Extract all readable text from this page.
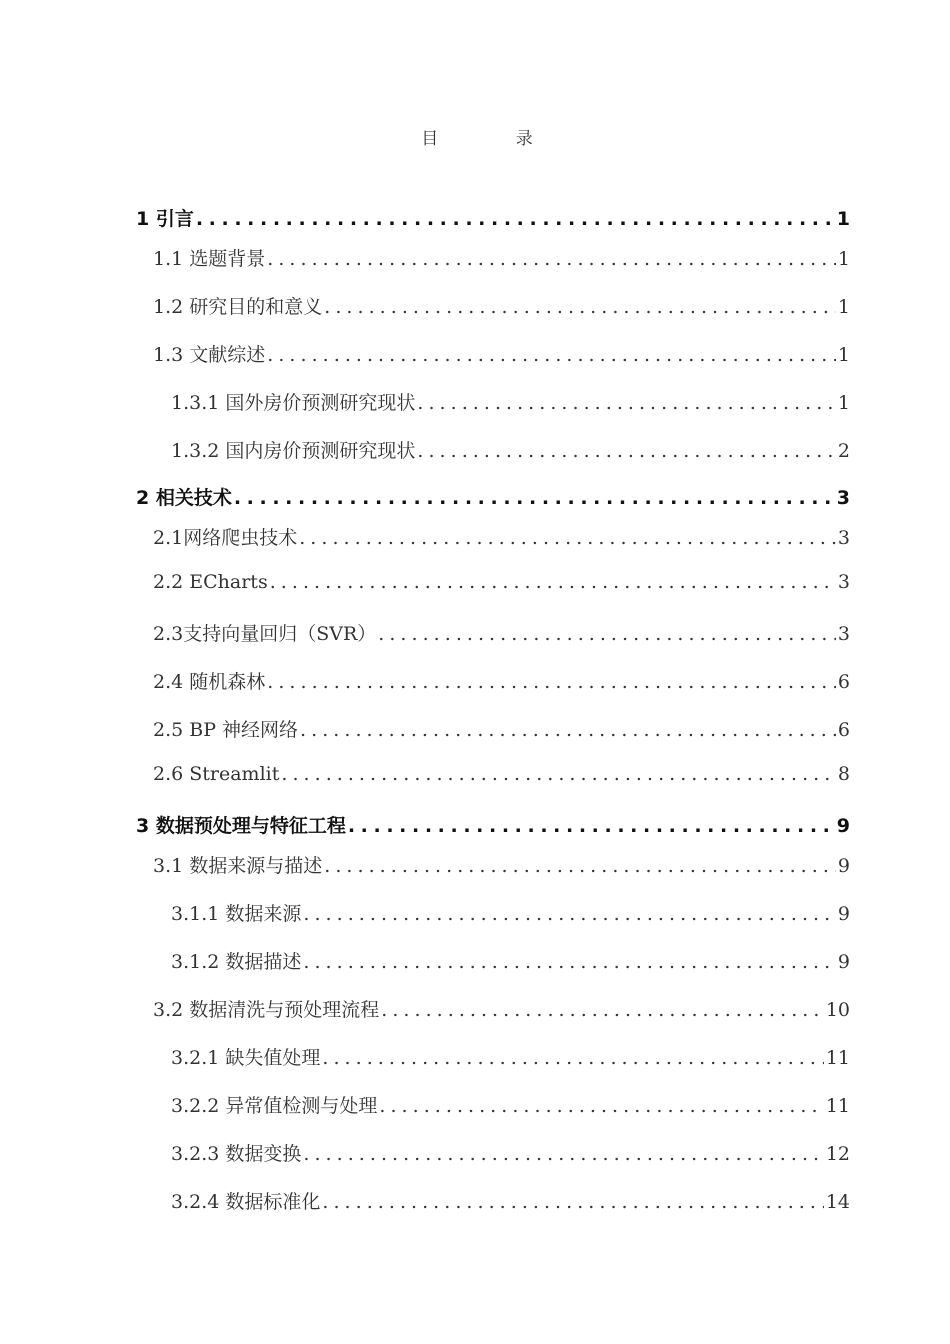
目 录
1 引言 . . .	1
1.1 选题背景 . . .	1
1.2 研究目的和意义 . . .	1
1.3 文献综述 . . .	1
1.3.1 国外房价预测研究现状 . . .	1
1.3.2 国内房价预测研究现状 . . .	2
2 相关技术 . . .	3
2.1网络爬虫技术 . . .	3
2.2 ECharts . . .	3
2.3支持向量回归（SVR） . . .	3
2.4 随机森林 . . .	6
2.5 BP 神经网络 . . .	6
2.6 Streamlit . . .	8
3 数据预处理与特征工程 . . .	9
3.1 数据来源与描述 . . .	9
3.1.1 数据来源 . . .	9
3.1.2 数据描述 . . .	9
3.2 数据清洗与预处理流程 . . .	10
3.2.1 缺失值处理 . . .	11
3.2.2 异常值检测与处理 . . .	11
3.2.3 数据变换 . . .	12
3.2.4 数据标准化 . . .	14
